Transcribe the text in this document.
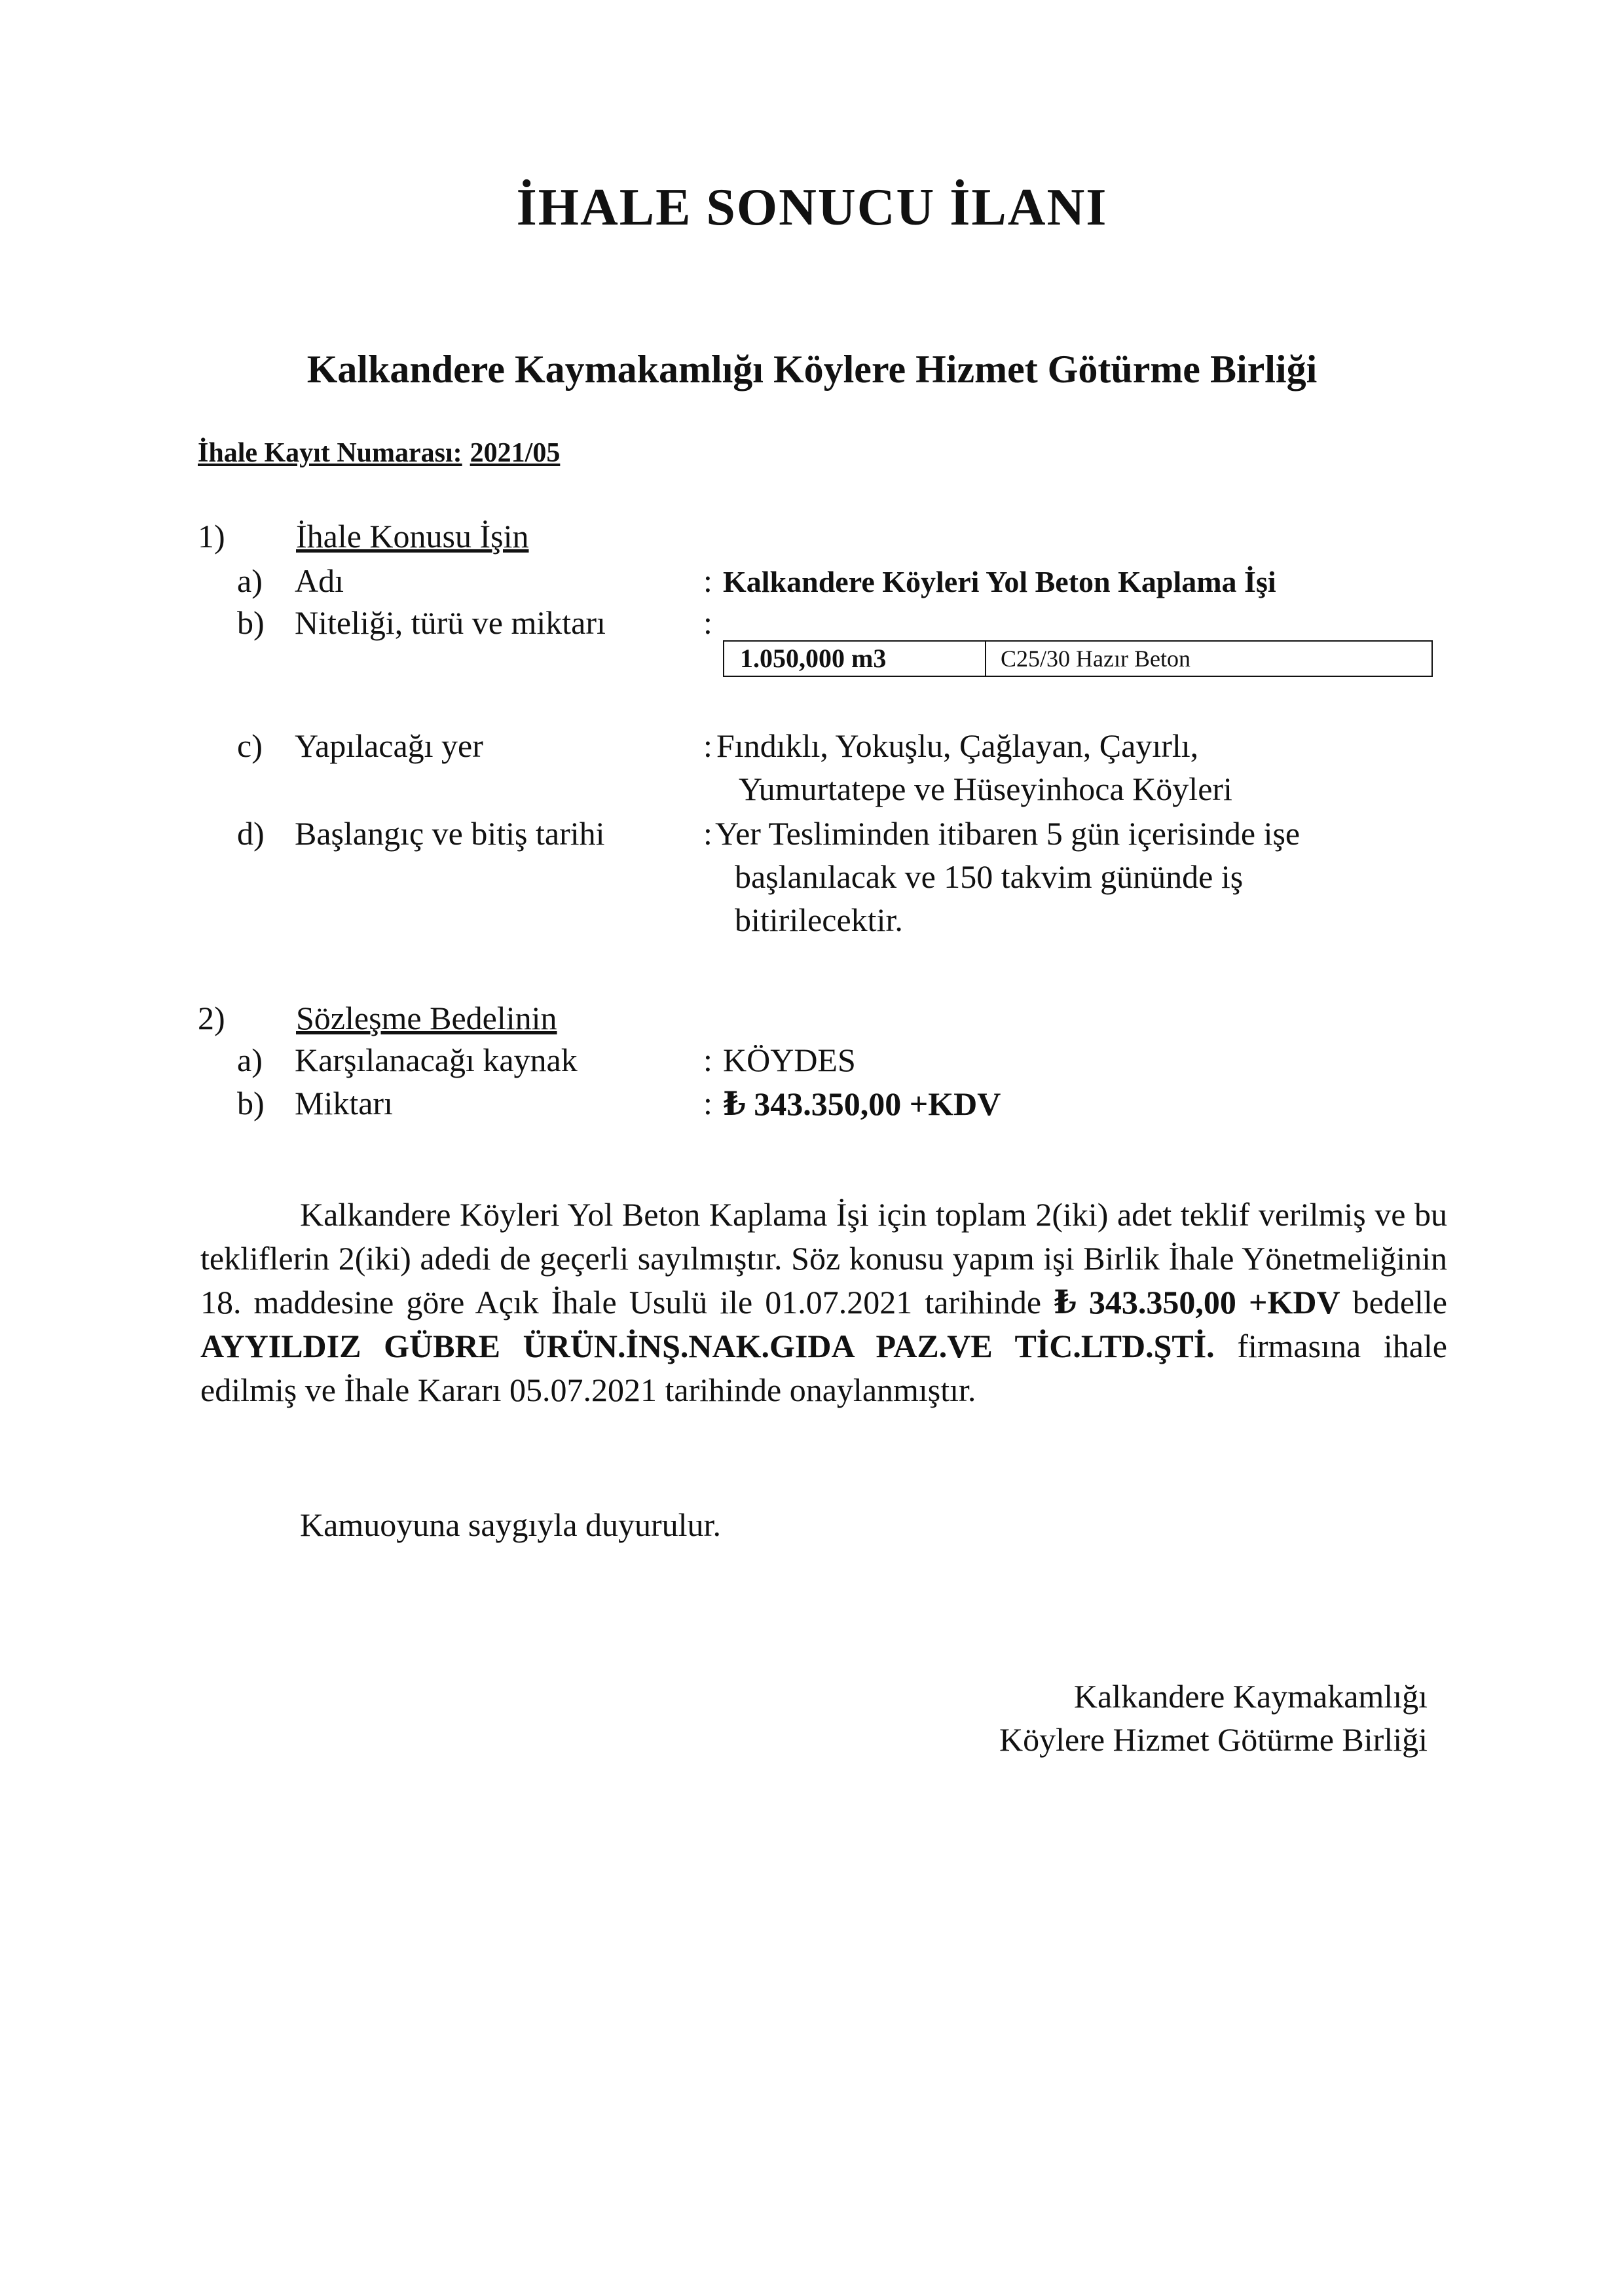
İHALE SONUCU İLANI
Kalkandere Kaymakamlığı Köylere Hizmet Götürme Birliği
İhale Kayıt Numarası: 2021/05
1) İhale Konusu İşin
a) Adı	: Kalkandere Köyleri Yol Beton Kaplama İşi
b) Niteliği, türü ve miktarı	:
1.050,000 m3	C25/30 Hazır Beton
c) Yapılacağı yer	: Fındıklı, Yokuşlu, Çağlayan, Çayırlı,
Yumurtatepe ve Hüseyinhoca Köyleri
d) Başlangıç ve bitiş tarihi	: Yer Tesliminden itibaren 5 gün içerisinde işe
başlanılacak ve 150 takvim gününde iş
bitirilecektir.
2) Sözleşme Bedelinin
a) Karşılanacağı kaynak	: KÖYDES
b) Miktarı	: ₺ 343.350,00 +KDV
Kalkandere Köyleri Yol Beton Kaplama İşi için toplam 2(iki) adet teklif verilmiş ve bu tekliflerin 2(iki) adedi de geçerli sayılmıştır. Söz konusu yapım işi Birlik İhale Yönetmeliğinin 18. maddesine göre Açık İhale Usulü ile 01.07.2021 tarihinde ₺ 343.350,00 +KDV bedelle AYYILDIZ GÜBRE ÜRÜN.İNŞ.NAK.GIDA PAZ.VE TİC.LTD.ŞTİ. firmasına ihale edilmiş ve İhale Kararı 05.07.2021 tarihinde onaylanmıştır.
Kamuoyuna saygıyla duyurulur.
Kalkandere Kaymakamlığı
Köylere Hizmet Götürme Birliği
